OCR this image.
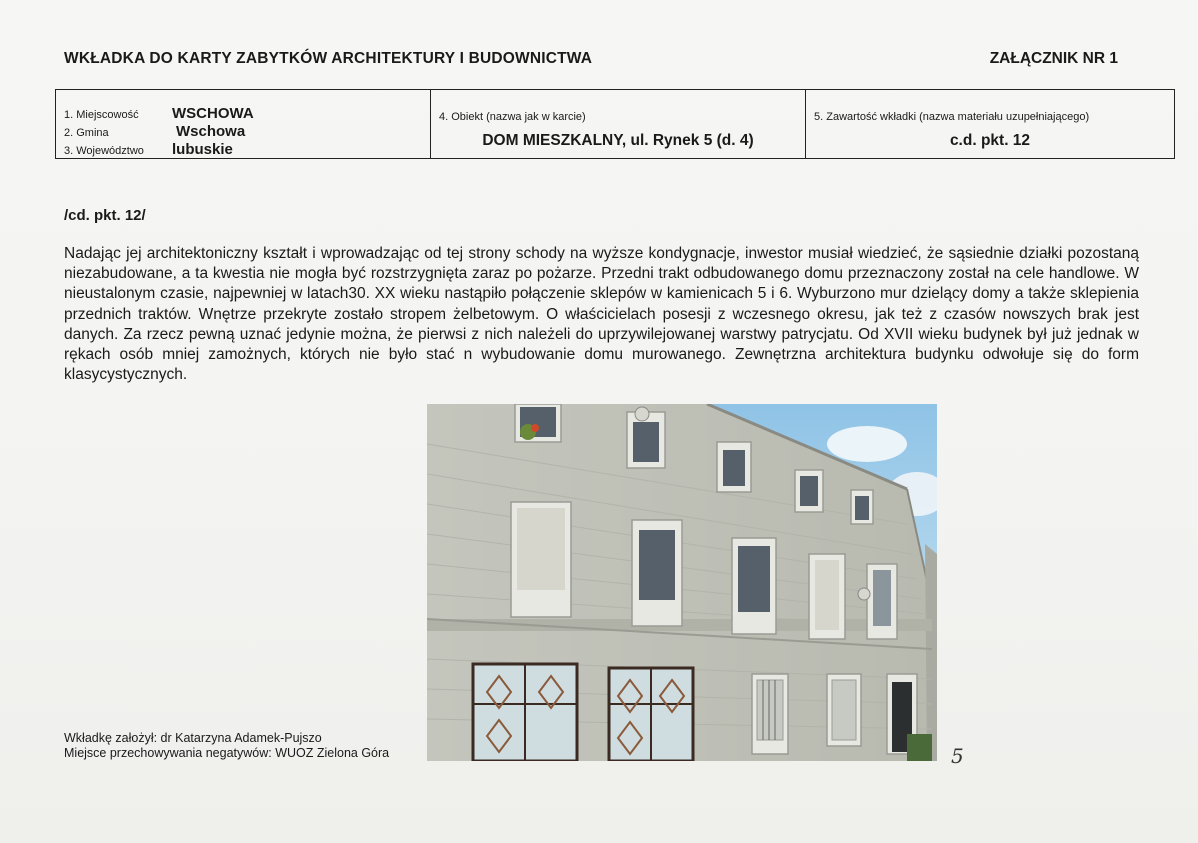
WKŁADKA DO KARTY ZABYTKÓW ARCHITEKTURY I BUDOWNICTWA	ZAŁĄCZNIK NR 1
1. Miejscowość	WSCHOWA
2. Gmina	Wschowa
3. Województwo	lubuskie
4. Obiekt (nazwa jak w karcie)
DOM MIESZKALNY, ul. Rynek 5 (d. 4)
5. Zawartość wkładki (nazwa materiału uzupełniającego)
c.d. pkt. 12
/cd. pkt. 12/

Nadając jej architektoniczny kształt i wprowadzając od tej strony schody na wyższe kondygnacje, inwestor musiał wiedzieć, że sąsiednie działki pozostaną niezabudowane, a ta kwestia nie mogła być rozstrzygnięta zaraz po pożarze. Przedni trakt odbudowanego domu przeznaczony został na cele handlowe. W nieustalonym czasie, najpewniej w latach30. XX wieku nastąpiło połączenie sklepów w kamienicach 5 i 6. Wyburzono mur dzielący domy a także sklepienia przednich traktów. Wnętrze przekryte zostało stropem żelbetowym. O właścicielach posesji z wczesnego okresu, jak też z czasów nowszych brak jest danych. Za rzecz pewną uznać jedynie można, że pierwsi z nich należeli do uprzywilejowanej warstwy patrycjatu. Od XVII wieku budynek był już jednak w rękach osób mniej zamożnych, których nie było stać n wybudowanie domu murowanego. Zewnętrzna architektura budynku odwołuje się do form klasycystycznych.

Wkładkę założył: dr Katarzyna Adamek-Pujszo
Miejsce przechowywania negatywów: WUOZ Zielona Góra	5
